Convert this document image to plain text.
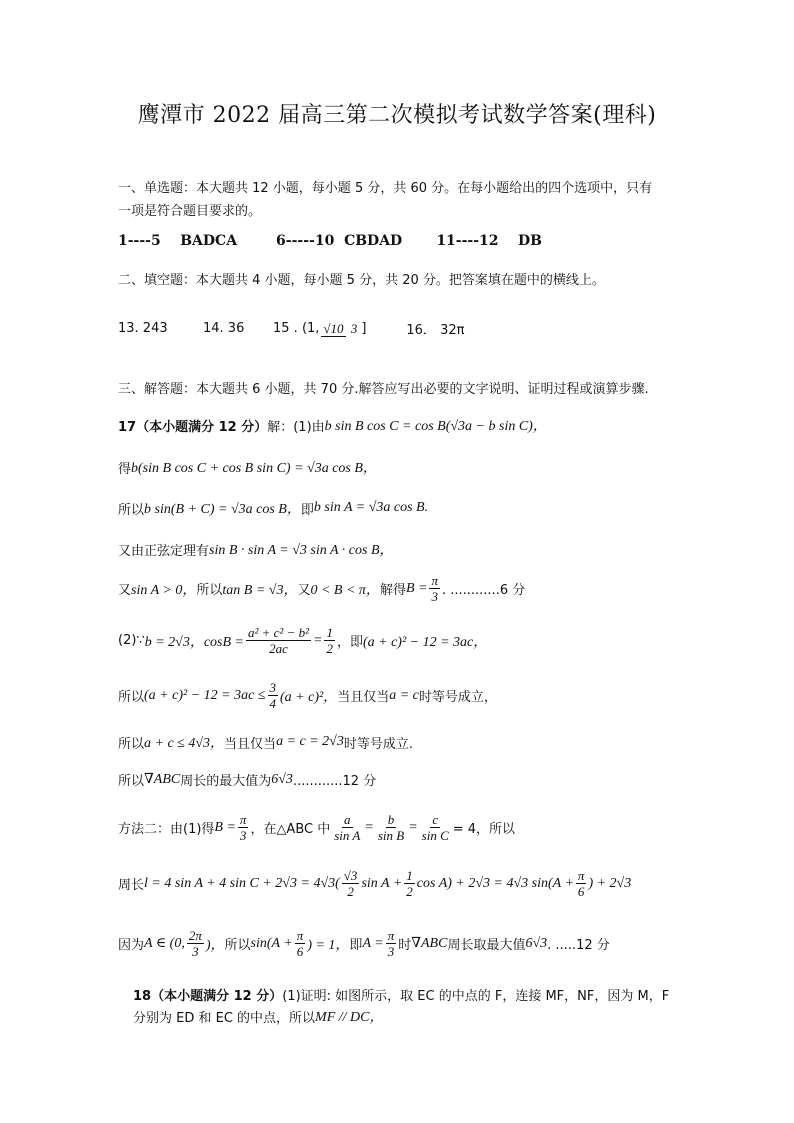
鹰潭市 2022 届高三第二次模拟考试数学答案(理科)
一、单选题：本大题共 12 小题，每小题 5 分，共 60 分。在每小题给出的四个选项中，只有
一项是符合题目要求的。
1----5    BADCA        6-----10  CBDAD       11----12    DB
二、填空题：本大题共 4 小题，每小题 5 分，共 20 分。把答案填在题中的横线上。
13. 243	14. 36	15 . (1, √10 3 ]	16． 32π
三、解答题：本大题共 6 小题，共 70 分.解答应写出必要的文字说明、证明过程或演算步骤.
17（本小题满分 12 分） 解：(1)由 b sin B cos C = cos B(√3a − b sin C)，
得 b(sin B cos C + cos B sin C) = √3a cos B，
所以 b sin(B + C) = √3a cos B， 即 b sin A = √3a cos B.
又由正弦定理有 sin B · sin A = √3 sin A · cos B，
又 sin A > 0， 所以 tan B = √3， 又 0 < B < π， 解得 $B = \frac{\pi}{3}$ . ............6 分
(2)∵ b = 2√3，$\cos B = \frac{\text{a² + c² − b²}}{2ac} = \frac{1}{2}$ ，即 (a + c)² − 12 = 3ac，
所以 $(a + c)^2 - 12 = 3ac \le \frac{3}{4} (a + c)^2$， 当且仅当 a = c 时等号成立，
所以 a + c ≤ 4√3， 当且仅当 a = c = 2√3 时等号成立.
所以 ∇ABC 周长的最大值为 6√3 ............12 分
方法二：由(1)得 $B = \frac{\pi}{3}$ ，在△ABC 中 $\frac{a}{\text{sin A}} = \frac{b}{\text{sin B}} = \frac{c}{\text{sin C}} = 4$，所以
周长 l = 4 sin A + 4 $\sin C + 2√3 = 4√3( \frac{√3}{2}$ $\sin A + \frac{1}{2}$ cos A) + 2√3 = 4√3 $\sin(A + \frac{\pi}{6}$ ) + 2√3
因为 A ∈ (0, $\frac{2\pi}{3}$ )， 所以 $\sin(A + \frac{\pi}{6}$ ) = 1， 即 $A = \frac{\pi}{3}$ 时 ∇ABC 周长取最大值 6√3 . .....12 分
18（本小题满分 12 分） (1)证明: 如图所示，取 EC 的中点的 F，连接 MF，NF，因为 M，F
分别为 ED 和 EC 的中点，所以 MF // DC，
